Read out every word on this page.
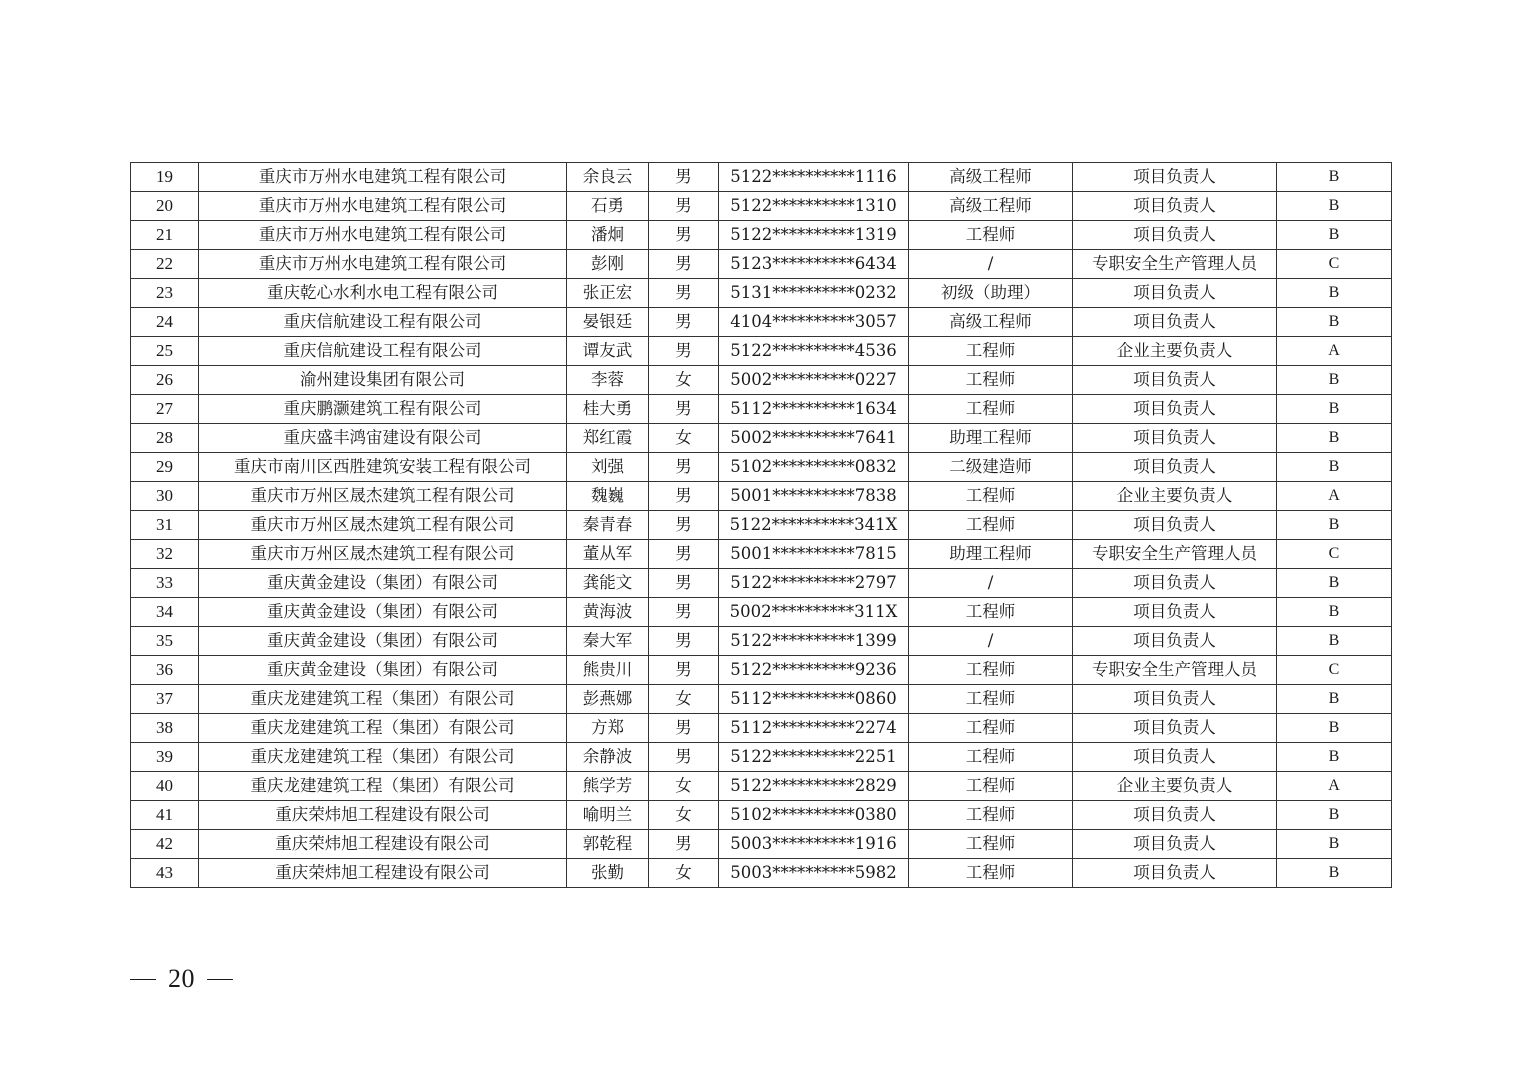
19	重庆市万州水电建筑工程有限公司	余良云	男	5122**********1116	高级工程师	项目负责人	B
20	重庆市万州水电建筑工程有限公司	石勇	男	5122**********1310	高级工程师	项目负责人	B
21	重庆市万州水电建筑工程有限公司	潘炯	男	5122**********1319	工程师	项目负责人	B
22	重庆市万州水电建筑工程有限公司	彭刚	男	5123**********6434	/	专职安全生产管理人员	C
23	重庆乾心水利水电工程有限公司	张正宏	男	5131**********0232	初级（助理）	项目负责人	B
24	重庆信航建设工程有限公司	晏银廷	男	4104**********3057	高级工程师	项目负责人	B
25	重庆信航建设工程有限公司	谭友武	男	5122**********4536	工程师	企业主要负责人	A
26	渝州建设集团有限公司	李蓉	女	5002**********0227	工程师	项目负责人	B
27	重庆鹏灏建筑工程有限公司	桂大勇	男	5112**********1634	工程师	项目负责人	B
28	重庆盛丰鸿宙建设有限公司	郑红霞	女	5002**********7641	助理工程师	项目负责人	B
29	重庆市南川区西胜建筑安装工程有限公司	刘强	男	5102**********0832	二级建造师	项目负责人	B
30	重庆市万州区晟杰建筑工程有限公司	魏巍	男	5001**********7838	工程师	企业主要负责人	A
31	重庆市万州区晟杰建筑工程有限公司	秦青春	男	5122**********341X	工程师	项目负责人	B
32	重庆市万州区晟杰建筑工程有限公司	董从军	男	5001**********7815	助理工程师	专职安全生产管理人员	C
33	重庆黄金建设（集团）有限公司	龚能文	男	5122**********2797	/	项目负责人	B
34	重庆黄金建设（集团）有限公司	黄海波	男	5002**********311X	工程师	项目负责人	B
35	重庆黄金建设（集团）有限公司	秦大军	男	5122**********1399	/	项目负责人	B
36	重庆黄金建设（集团）有限公司	熊贵川	男	5122**********9236	工程师	专职安全生产管理人员	C
37	重庆龙建建筑工程（集团）有限公司	彭燕娜	女	5112**********0860	工程师	项目负责人	B
38	重庆龙建建筑工程（集团）有限公司	方郑	男	5112**********2274	工程师	项目负责人	B
39	重庆龙建建筑工程（集团）有限公司	余静波	男	5122**********2251	工程师	项目负责人	B
40	重庆龙建建筑工程（集团）有限公司	熊学芳	女	5122**********2829	工程师	企业主要负责人	A
41	重庆荣炜旭工程建设有限公司	喻明兰	女	5102**********0380	工程师	项目负责人	B
42	重庆荣炜旭工程建设有限公司	郭乾程	男	5003**********1916	工程师	项目负责人	B
43	重庆荣炜旭工程建设有限公司	张勤	女	5003**********5982	工程师	项目负责人	B
20
